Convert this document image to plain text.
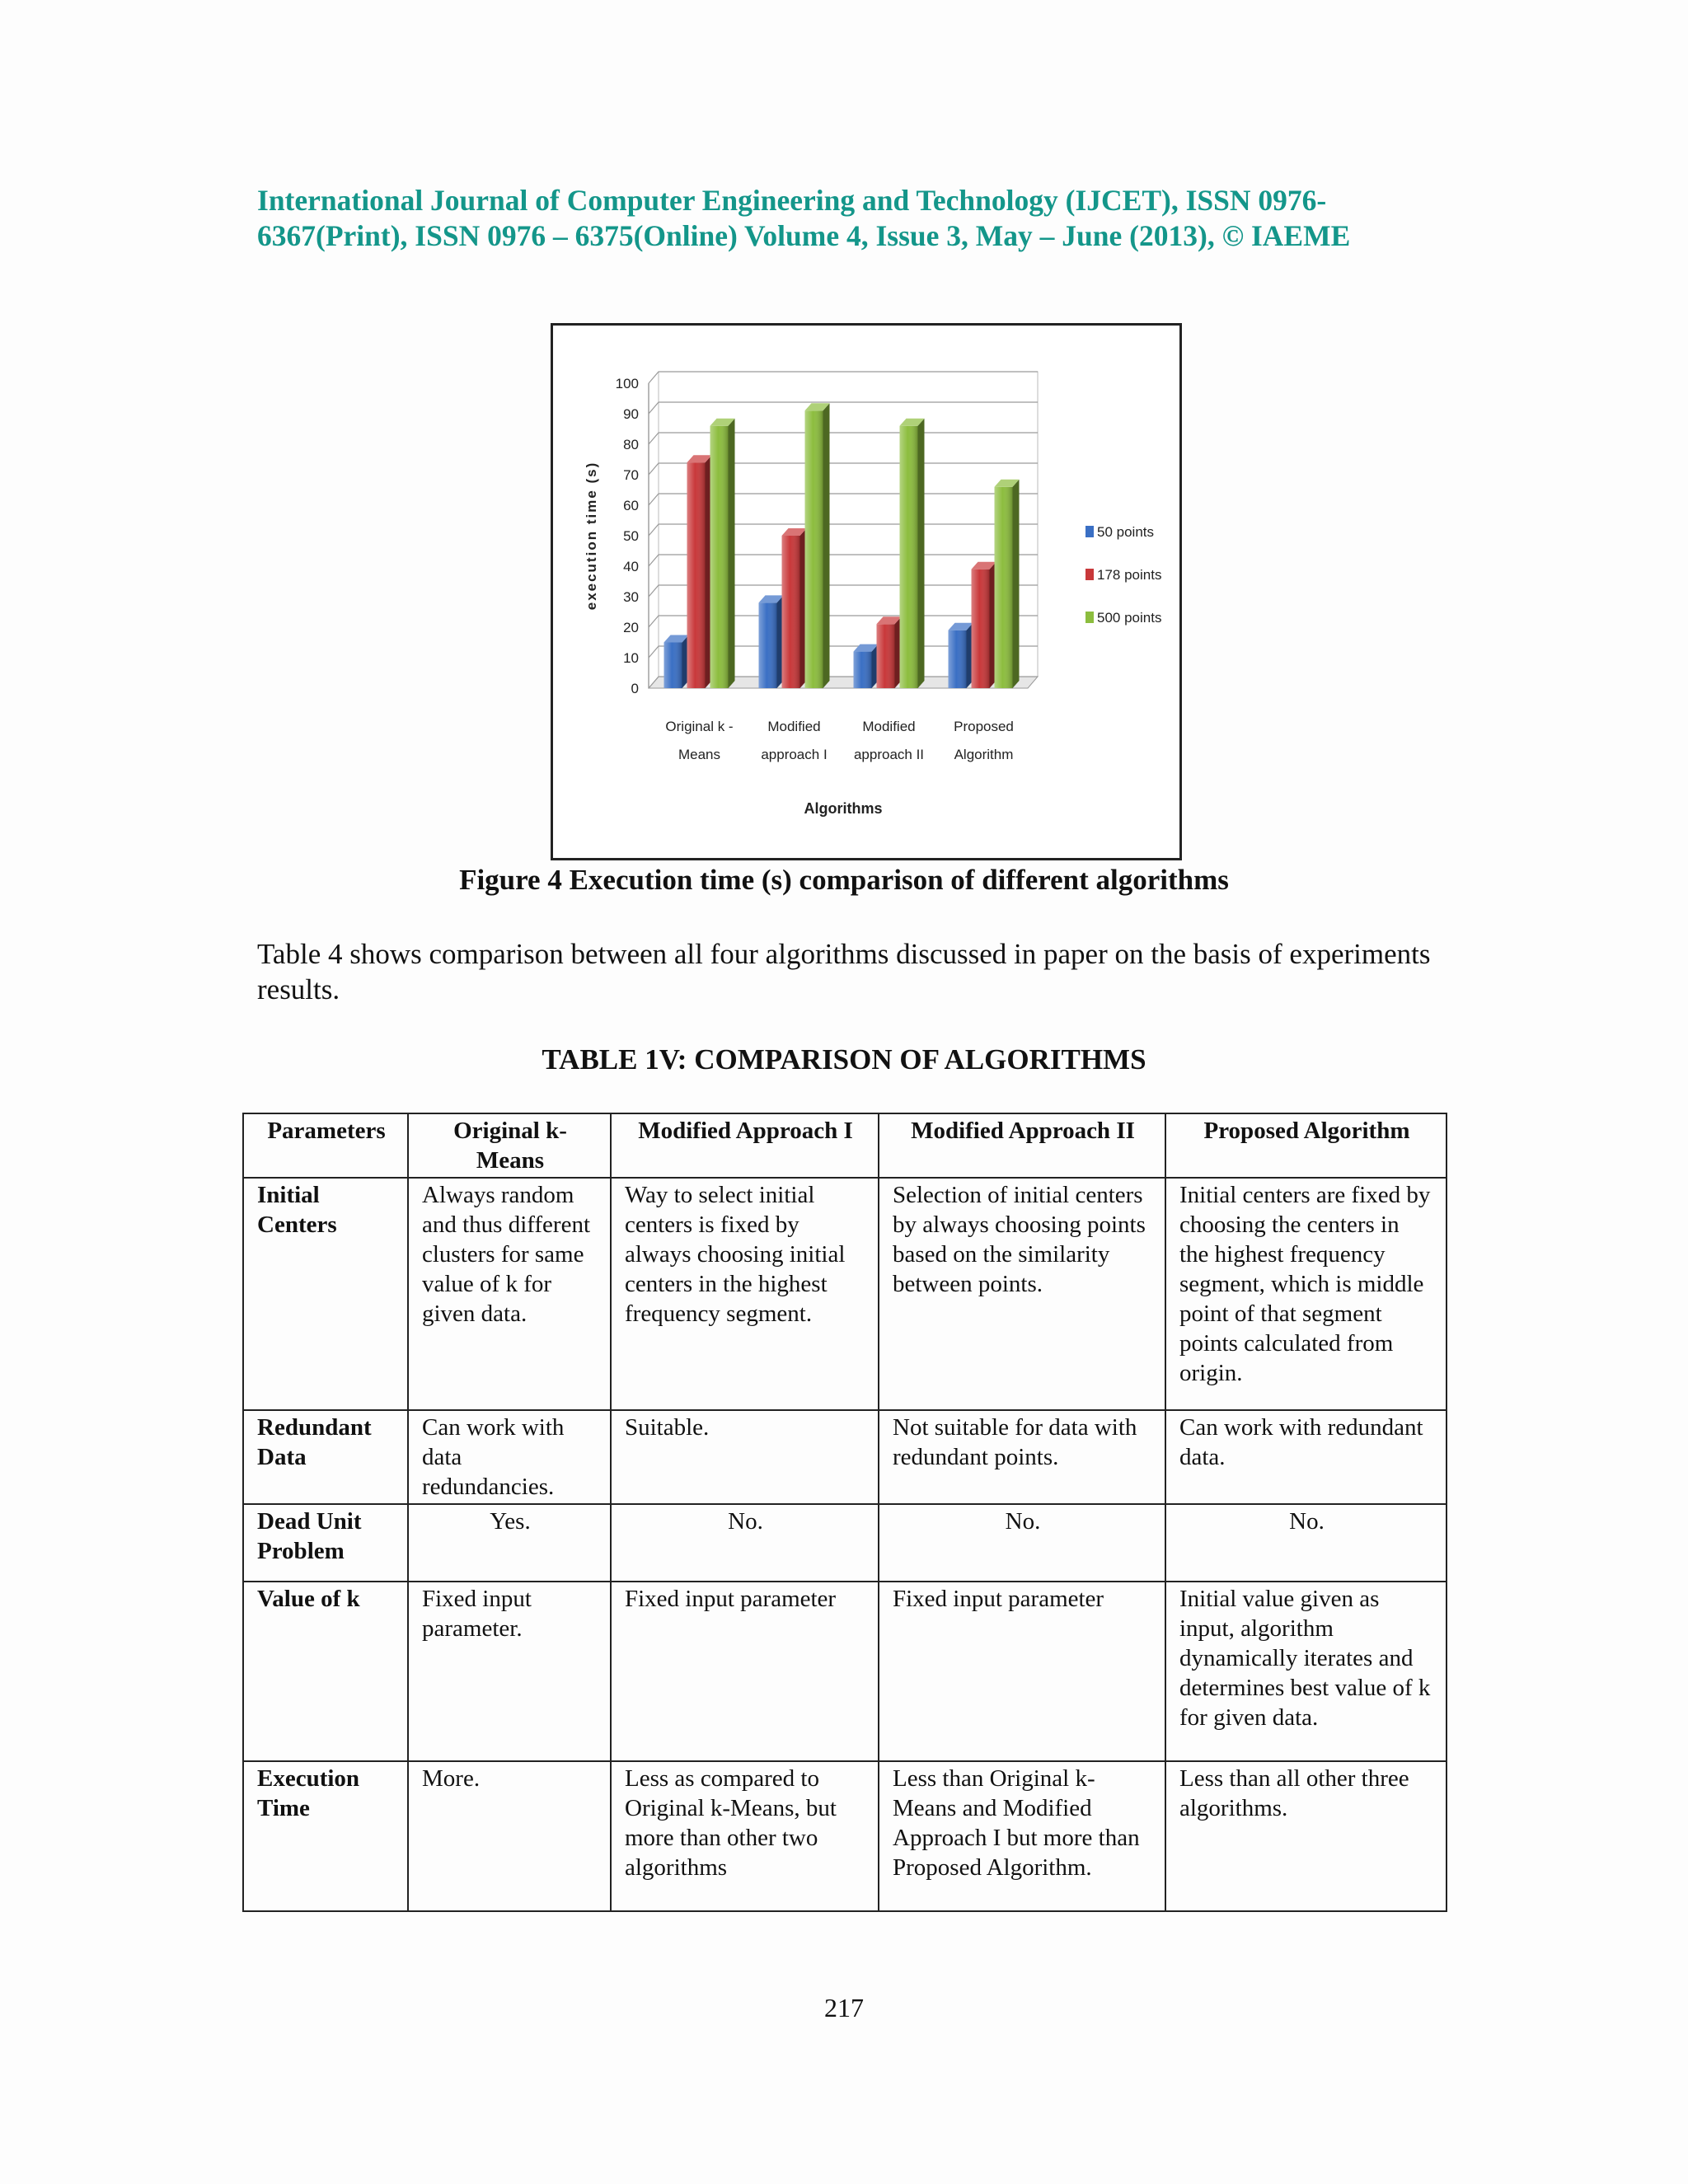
International Journal of Computer Engineering and Technology (IJCET), ISSN 0976-
6367(Print), ISSN 0976 – 6375(Online) Volume 4, Issue 3, May – June (2013), © IAEME
0
10
20
30
40
50
60
70
80
90
100
execution time (s)
Original k -
Means
Modified
approach I
Modified
approach II
Proposed
Algorithm
Algorithms
50 points
178 points
500 points
Figure 4 Execution time (s) comparison of different algorithms
Table 4 shows comparison between all four algorithms discussed in paper on the basis of experiments results.
TABLE 1V: COMPARISON OF ALGORITHMS
Parameters	Original k-Means	Modified Approach I	Modified Approach II	Proposed Algorithm
Initial Centers	Always random and thus different clusters for same value of k for given data.	Way to select initial centers is fixed by always choosing initial centers in the highest frequency segment.	Selection of initial centers by always choosing points based on the similarity between points.	Initial centers are fixed by choosing the centers in the highest frequency segment, which is middle point of that segment points calculated from origin.
Redundant Data	Can work with data redundancies.	Suitable.	Not suitable for data with redundant points.	Can work with redundant data.
Dead Unit Problem	Yes.	No.	No.	No.
Value of k	Fixed input parameter.	Fixed input parameter	Fixed input parameter	Initial value given as input, algorithm dynamically iterates and determines best value of k for given data.
Execution Time	More.	Less as compared to Original k-Means, but more than other two algorithms	Less than Original k-Means and Modified Approach I but more than Proposed Algorithm.	Less than all other three algorithms.
217
